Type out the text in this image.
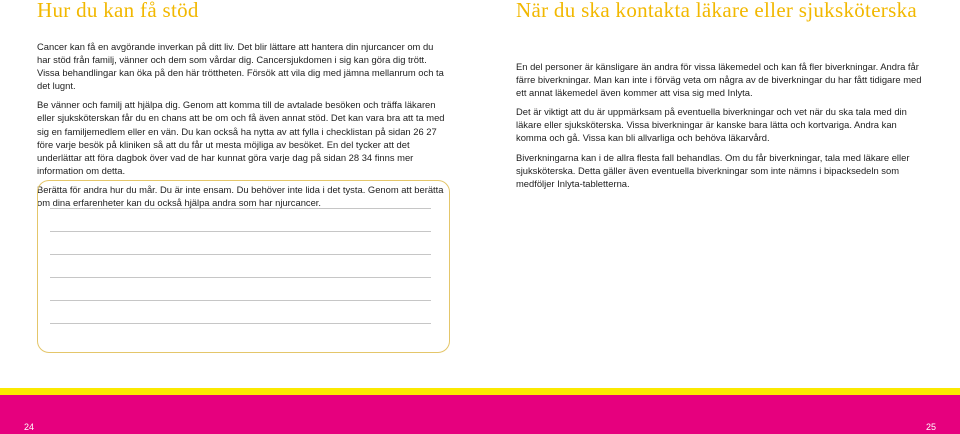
Hur du kan få stöd

Cancer kan få en avgörande inverkan på ditt liv. Det blir lättare att hantera din njurcancer om du har stöd från familj, vänner och dem som vårdar dig. Cancersjukdomen i sig kan göra dig trött. Vissa behandlingar kan öka på den här tröttheten. Försök att vila dig med jämna mellanrum och ta det lugnt.

Be vänner och familj att hjälpa dig. Genom att komma till de avtalade besöken och träffa läkaren eller sjuksköterskan får du en chans att be om och få även annat stöd. Det kan vara bra att ta med sig en familjemedlem eller en vän. Du kan också ha nytta av att fylla i checklistan på sidan 26 27 före varje besök på kliniken så att du får ut mesta möjliga av besöket. En del tycker att det underlättar att föra dagbok över vad de har kunnat göra varje dag på sidan 28 34 finns mer information om detta.

Berätta för andra hur du mår. Du är inte ensam. Du behöver inte lida i det tysta. Genom att berätta om dina erfarenheter kan du också hjälpa andra som har njurcancer.

När du ska kontakta läkare eller sjuksköterska

En del personer är känsligare än andra för vissa läkemedel och kan få fler biverkningar. Andra får färre biverkningar. Man kan inte i förväg veta om några av de biverkningar du har fått tidigare med ett annat läkemedel även kommer att visa sig med Inlyta.

Det är viktigt att du är uppmärksam på eventuella biverkningar och vet när du ska tala med din läkare eller sjuksköterska. Vissa biverkningar är kanske bara lätta och kortvariga. Andra kan komma och gå. Vissa kan bli allvarliga och behöva läkarvård.

Biverkningarna kan i de allra flesta fall behandlas. Om du får biverkningar, tala med läkare eller sjuksköterska. Detta gäller även eventuella biverkningar som inte nämns i bipacksedeln som medföljer Inlyta-tabletterna.

24	25
